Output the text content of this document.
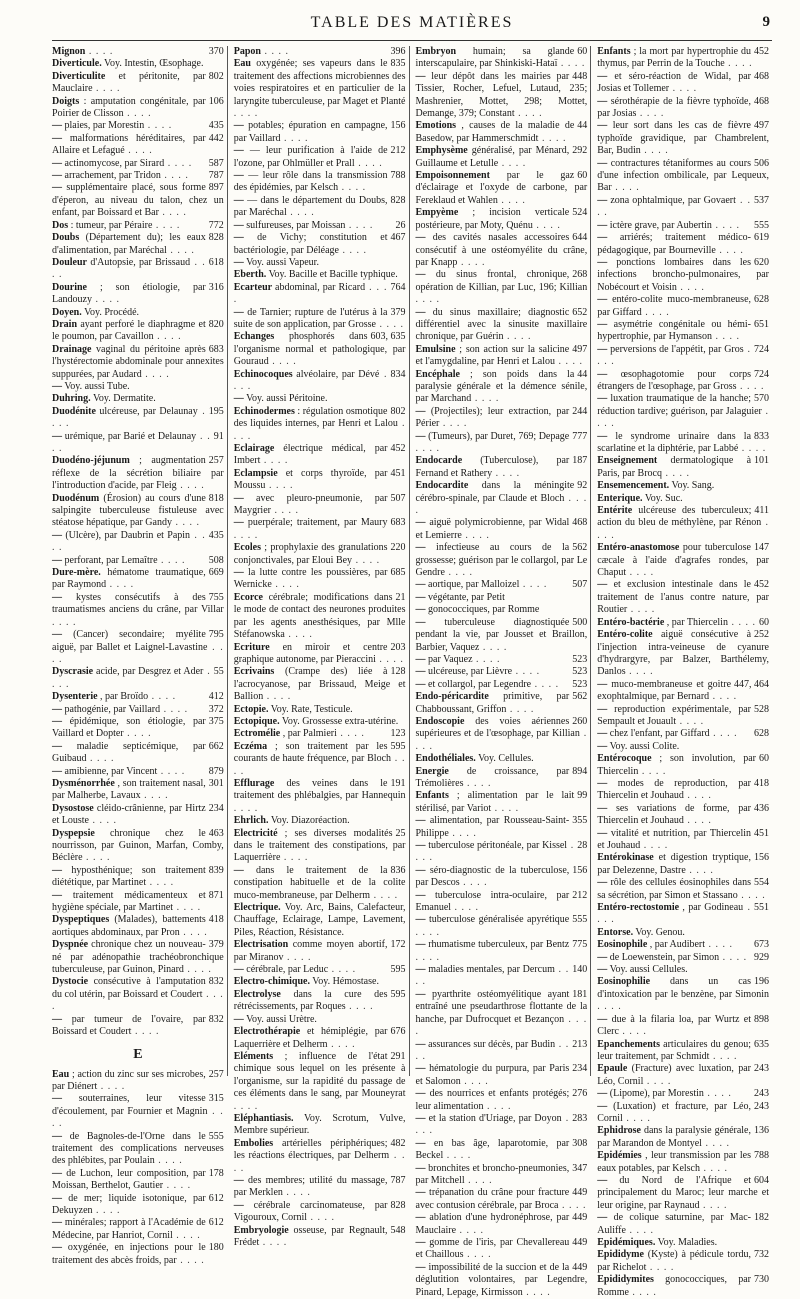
TABLE DES MATIÈRES	9
370
Mignon . . . .
Diverticule. Voy. Intestin, Œsophage.
802
Diverticulite et péritonite, par Mauclaire . . . .
106
Doigts : amputation congénitale, par Poirier de Clisson . . . .
435
— plaies, par Morestin . . . .
442
— malformations héréditaires, par Allaire et Lefagué . . . .
587
— actinomycose, par Sirard . . . .
787
— arrachement, par Tridon . . . .
897
— supplémentaire placé, sous forme d'éperon, au niveau du talon, chez un enfant, par Boissard et Bar . . . .
772
Dos : tumeur, par Péraire . . . .
828
Doubs (Département du); les eaux d'alimentation, par Maréchal . . . .
618
Douleur d'Autopsie, par Brissaud . . . .
316
Dourine ; son étiologie, par Landouzy . . . .
Doyen. Voy. Procédé.
820
Drain ayant perforé le diaphragme et le poumon, par Cavaillon . . . .
683
Drainage vaginal du péritoine après l'hystérectomie abdominale pour annexites suppurées, par Audard . . . .
— Voy. aussi Tube.
Duhring. Voy. Dermatite.
195
Duodénite ulcéreuse, par Delaunay . . . .
91
— urémique, par Barié et Delaunay . . . .
257
Duodéno-jéjunum ; augmentation réflexe de la sécrétion biliaire par l'introduction d'acide, par Fleig . . . .
818
Duodénum (Érosion) au cours d'une salpingite tuberculeuse fistuleuse avec stéatose hépatique, par Gandy . . . .
435
— (Ulcère), par Daubrin et Papin . . . .
508
— perforant, par Lemaître . . . .
669
Dure-mère. hématome traumatique, par Raymond . . . .
755
— kystes consécutifs à des traumatismes anciens du crâne, par Villar . . . .
795
— (Cancer) secondaire; myélite aiguë, par Ballet et Laignel-Lavastine . . . .
55
Dyscrasie acide, par Desgrez et Ader . . . .
412
Dysenterie , par Broïdo . . . .
372
— pathogénie, par Vaillard . . . .
375
— épidémique, son étiologie, par Vaillard et Dopter . . . .
662
— maladie septicémique, par Guibaud . . . .
879
— amibienne, par Vincent . . . .
301
Dysménorrhée , son traitement nasal, par Malherbe, Lavaux . . . .
234
Dysostose cléido-crânienne, par Hirtz et Louste . . . .
463
Dyspepsie chronique chez le nourrisson, par Guinon, Marfan, Comby, Béclère . . . .
839
— hyposthénique; son traitement diététique, par Martinet . . . .
871
— traitement médicamenteux et hygiène spéciale, par Martinet . . . .
418
Dyspeptiques (Malades), battements aortiques abdominaux, par Pron . . . .
379
Dyspnée chronique chez un nouveau-né par adénopathie trachéobronchique tuberculeuse, par Guinon, Pinard . . . .
832
Dystocie consécutive à l'amputation du col utérin, par Boissard et Coudert . . . .
832
— par tumeur de l'ovaire, par Boissard et Coudert . . . .
E
257
Eau ; action du zinc sur ses microbes, par Diénert . . . .
315
— souterraines, leur vitesse d'écoulement, par Fournier et Magnin . . . .
555
— de Bagnoles-de-l'Orne dans le traitement des complications nerveuses des phlébites, par Poulain . . . .
178
— de Luchon, leur composition, par Moissan, Berthelot, Gautier . . . .
612
— de mer; liquide isotonique, par Dekuyzen . . . .
612
— minérales; rapport à l'Académie de Médecine, par Hanriot, Cornil . . . .
180
— oxygénée, en injections pour le traitement des abcès froids, par . . . .
396
Papon . . . .
835
Eau oxygénée; ses vapeurs dans le traitement des affections microbiennes des voies respiratoires et en particulier de la laryngite tuberculeuse, par Maget et Planté . . . .
156
— potables; épuration en campagne, par Vaillard . . . .
212
— — leur purification à l'aide de l'ozone, par Ohlmüller et Prall . . . .
788
— — leur rôle dans la transmission des épidémies, par Kelsch . . . .
828
— — dans le département du Doubs, par Maréchal . . . .
26
— sulfureuses, par Moissan . . . .
467
— de Vichy; constitution et bactériologie, par Déléage . . . .
— Voy. aussi Vapeur.
Eberth. Voy. Bacille et Bacille typhique.
764
Ecarteur abdominal, par Ricard . . . .
379
— de Tarnier; rupture de l'utérus à la suite de son application, par Grosse . . . .
603, 635
Echanges phosphorés dans l'organisme normal et pathologique, par Gouraud . . . .
834
Echinocoques alvéolaire, par Dévé . . . .
— Voy. aussi Péritoine.
802
Echinodermes : régulation osmotique des liquides internes, par Henri et Lalou . . . .
452
Eclairage électrique médical, par Imbert . . . .
451
Eclampsie et corps thyroïde, par Moussu . . . .
507
— avec pleuro-pneumonie, par Maygrier . . . .
683
— puerpérale; traitement, par Maury . . . .
220
Ecoles ; prophylaxie des granulations conjonctivales, par Eloui Bey . . . .
685
— la lutte contre les poussières, par Wernicke . . . .
21
Ecorce cérébrale; modifications dans le mode de contact des neurones produites par les agents anesthésiques, par Mlle Stéfanowska . . . .
203
Ecriture en miroir et centre graphique autonome, par Pieraccini . . . .
128
Ecrivains (Crampe des) liée à l'acrocyanose, par Brissaud, Meige et Ballion . . . .
Ectopie. Voy. Rate, Testicule.
Ectopique. Voy. Grossesse extra-utérine.
123
Ectromélie , par Palmieri . . . .
595
Eczéma ; son traitement par les courants de haute fréquence, par Bloch . . . .
191
Efflurage des veines dans le traitement des phlébalgies, par Hannequin . . . .
Ehrlich. Voy. Diazoréaction.
25
Electricité ; ses diverses modalités dans le traitement des constipations, par Laquerrière . . . .
836
— dans le traitement de la constipation habituelle et de la colite muco-membraneuse, par Delherm . . . .
Electrique. Voy. Arc, Bains, Calefacteur, Chauffage, Eclairage, Lampe, Lavement, Piles, Réaction, Résistance.
172
Electrisation comme moyen abortif, par Miranov . . . .
595
— cérébrale, par Leduc . . . .
Electro-chimique. Voy. Hémostase.
595
Electrolyse dans la cure des rétrécissements, par Roques . . . .
— Voy. aussi Urètre.
676
Electrothérapie et hémiplégie, par Laquerrière et Delherm . . . .
291
Eléments ; influence de l'état chimique sous lequel on les présente à l'organisme, sur la rapidité du passage de ces éléments dans le sang, par Mouneyrat . . . .
Eléphantiasis. Voy. Scrotum, Vulve, Membre supérieur.
482
Embolies artérielles périphériques; les réactions électriques, par Delherm . . . .
787
— des membres; utilité du massage, par Merklen . . . .
828
— cérébrale carcinomateuse, par Vigouroux, Cornil . . . .
548
Embryologie osseuse, par Regnault, Frédet . . . .
60
Embryon humain; sa glande interscapulaire, par Shinkiski-Hataï . . . .
448
— leur dépôt dans les mairies par Tissier, Rocher, Lefuel, Lutaud, 235; Mashrenier, Mottet, 298; Mottet, Demange, 379; Constant . . . .
44
Emotions , causes de la maladie de Basedow, par Hammerschmidt . . . .
292
Emphysème généralisé, par Ménard, Guillaume et Letulle . . . .
60
Empoisonnement par le gaz d'éclairage et l'oxyde de carbone, par Fereklaud et Wahlen . . . .
524
Empyème ; incision verticale postérieure, par Moty, Quénu . . . .
644
— des cavités nasales accessoires consécutif à une ostéomyélite du crâne, par Knapp . . . .
268
— du sinus frontal, chronique, opération de Killian, par Luc, 196; Killian . . . .
652
— du sinus maxillaire; diagnostic différentiel avec la sinusite maxillaire chronique, par Guérin . . . .
497
Emulsine ; son action sur la salicine et l'amygdaline, par Henri et Lalou . . . .
44
Encéphale ; son poids dans la paralysie générale et la démence sénile, par Marchand . . . .
244
— (Projectiles); leur extraction, par Périer . . . .
777
— (Tumeurs), par Duret, 769; Depage . . . .
187
Endocarde (Tuberculose), par Fernand et Rathery . . . .
92
Endocardite dans la méningite cérébro-spinale, par Claude et Bloch . . . .
468
— aiguë polymicrobienne, par Widal et Lemierre . . . .
562
— infectieuse au cours de la grossesse; guérison par le collargol, par Le Gendre . . . .
507
— aortique, par Malloizel . . . .
— végétante, par Petit
— gonococciques, par Romme
500
— tuberculeuse diagnostiquée pendant la vie, par Jousset et Braillon, Barbier, Vaquez . . . .
523
— par Vaquez . . . .
523
— ulcéreuse, par Lièvre . . . .
523
— et collargol, par Legendre . . . .
562
Endo-péricardite primitive, par Chabboussant, Griffon . . . .
260
Endoscopie des voies aériennes supérieures et de l'œsophage, par Killian . . . .
Endothéliales. Voy. Cellules.
894
Energie de croissance, par Trémolières . . . .
99
Enfants ; alimentation par le lait stérilisé, par Variot . . . .
355
— alimentation, par Rousseau-Saint-Philippe . . . .
28
— tuberculose péritonéale, par Kissel . . . .
156
— séro-diagnostic de la tuberculose, par Descos . . . .
212
— tuberculose intra-oculaire, par Emanuel . . . .
555
— tuberculose généralisée apyrétique . . . .
775
— rhumatisme tuberculeux, par Bentz . . . .
140
— maladies mentales, par Dercum . . . .
181
— pyarthrite ostéomyélitique ayant entraîné une pseudarthrose flottante de la hanche, par Dufrocquet et Bezançon . . . .
213
— assurances sur décès, par Budin . . . .
234
— hématologie du purpura, par Paris et Salomon . . . .
276
— des nourrices et enfants protégés; leur alimentation . . . .
283
— et la station d'Uriage, par Doyon . . . .
308
— en bas âge, laparotomie, par Beckel . . . .
347
— bronchites et broncho-pneumonies, par Mitchell . . . .
449
— trépanation du crâne pour fracture avec contusion cérébrale, par Broca . . . .
449
— ablation d'une hydronéphrose, par Mauclaire . . . .
449
— gomme de l'iris, par Chevallereau et Chaillous . . . .
449
— impossibilité de la succion et de la déglutition volontaires, par Legendre, Pinard, Lepage, Kirmisson . . . .
452
Enfants ; la mort par hypertrophie du thymus, par Perrin de la Touche . . . .
468
— et séro-réaction de Widal, par Josias et Tollemer . . . .
468
— sérothérapie de la fièvre typhoïde, par Josias . . . .
497
— leur sort dans les cas de fièvre typhoïde gravidique, par Chambrelent, Bar, Budin . . . .
506
— contractures tétaniformes au cours d'une infection ombilicale, par Lequeux, Bar . . . .
537
— zona ophtalmique, par Govaert . . . .
555
— ictère grave, par Aubertin . . . .
619
— arriérés; traitement médico-pédagogique, par Bourneville . . . .
620
— ponctions lombaires dans les infections broncho-pulmonaires, par Nobécourt et Voisin . . . .
628
— entéro-colite muco-membraneuse, par Giffard . . . .
651
— asymétrie congénitale ou hémi-hypertrophie, par Hymanson . . . .
724
— perversions de l'appétit, par Gros . . . .
724
— œsophagotomie pour corps étrangers de l'œsophage, par Gross . . . .
570
— luxation traumatique de la hanche; réduction tardive; guérison, par Jalaguier . . . .
833
— le syndrome urinaire dans la scarlatine et la diphtérie, par Labbé . . . .
101
Enseignement dermatologique à Paris, par Brocq . . . .
Ensemencement. Voy. Sang.
Enterique. Voy. Suc.
411
Entérite ulcéreuse des tuberculeux; action du bleu de méthylène, par Rénon . . . .
147
Entéro-anastomose pour tuberculose cæcale à l'aide d'agrafes rondes, par Chaput . . . .
452
— et exclusion intestinale dans le traitement de l'anus contre nature, par Routier . . . .
60
Entéro-bactérie , par Thiercelin . . . .
252
Entéro-colite aiguë consécutive à l'injection intra-veineuse de cyanure d'hydrargyre, par Balzer, Barthélemy, Danlos . . . .
447, 464
— muco-membraneuse et goitre exophtalmique, par Bernard . . . .
528
— reproduction expérimentale, par Sempault et Jouault . . . .
628
— chez l'enfant, par Giffard . . . .
— Voy. aussi Colite.
60
Entérocoque ; son involution, par Thiercelin . . . .
418
— modes de reproduction, par Thiercelin et Jouhaud . . . .
436
— ses variations de forme, par Thiercelin et Jouhaud . . . .
451
— vitalité et nutrition, par Thiercelin et Jouhaud . . . .
156
Entérokinase et digestion tryptique, par Delezenne, Dastre . . . .
554
— rôle des cellules éosinophiles dans sa sécrétion, par Simon et Stassano . . . .
551
Entéro-rectostomie , par Godineau . . . .
Entorse. Voy. Genou.
673
Eosinophile , par Audibert . . . .
929
— de Loewenstein, par Simon . . . .
— Voy. aussi Cellules.
196
Eosinophilie dans un cas d'intoxication par le benzène, par Simonin . . . .
898
— due à la filaria loa, par Wurtz et Clerc . . . .
635
Epanchements articulaires du genou; leur traitement, par Schmidt . . . .
243
Epaule (Fracture) avec luxation, par Léo, Cornil . . . .
243
— (Lipome), par Morestin . . . .
243
— (Luxation) et fracture, par Léo, Cornil . . . .
136
Ephidrose dans la paralysie générale, par Marandon de Montyel . . . .
788
Epidémies , leur transmission par les eaux potables, par Kelsch . . . .
604
— du Nord de l'Afrique et principalement du Maroc; leur marche et leur origine, par Raynaud . . . .
182
— de colique saturnine, par Mac-Auliffe . . . .
Epidémiques. Voy. Maladies.
732
Epididyme (Kyste) à pédicule tordu, par Richelot . . . .
730
Epididymites gonococciques, par Romme . . . .
